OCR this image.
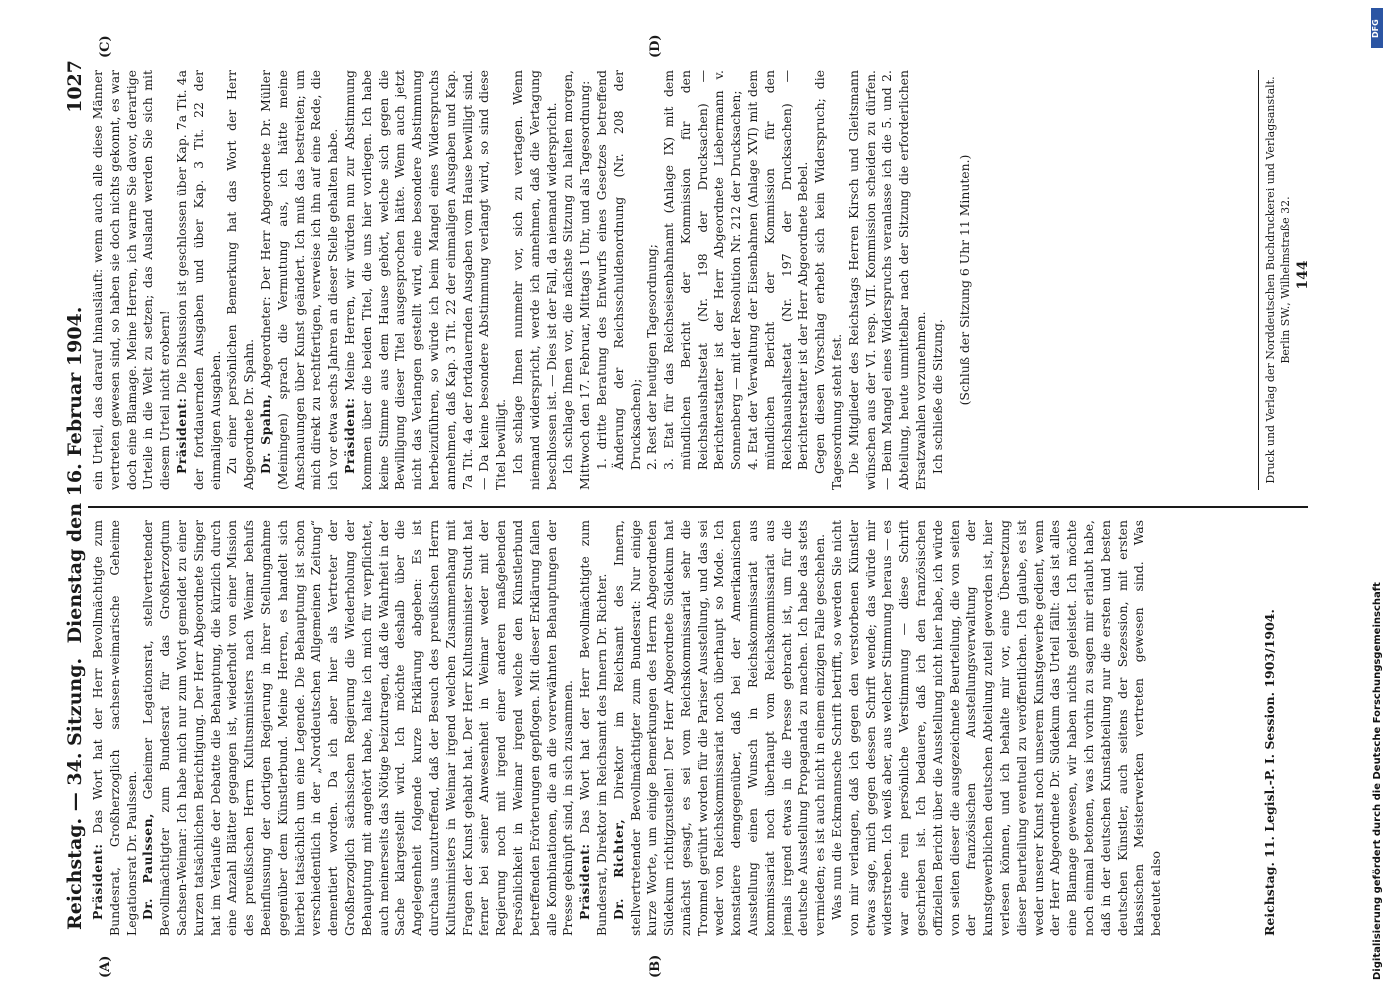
Reichstag. — 34. Sitzung.
Dienstag den 16. Februar 1904.
1027
(A)	(B)
(C)	(D)

Präsident: Das Wort hat der Herr Bevollmächtigte zum Bundesrat, Großherzoglich sachsen-weimarische Geheime Legationsrat Dr. Paulssen. Dr. Paulssen, Geheimer Legationsrat, stellvertretender Bevollmächtigter zum Bundesrat für das Großherzogtum Sachsen-Weimar: Ich habe mich nur zum Wort gemeldet zu einer kurzen tatsächlichen Berichtigung. Der Herr Abgeordnete Singer hat im Verlaufe der Debatte die Behauptung, die kürzlich durch eine Anzahl Blätter gegangen ist, wiederholt von einer Mission des preußischen Herrn Kultusministers nach Weimar behufs Beeinflussung der dortigen Regierung in ihrer Stellungnahme gegenüber dem Künstlerbund. Meine Herren, es handelt sich hierbei tatsächlich um eine Legende. Die Behauptung ist schon verschiedentlich in der „Norddeutschen Allgemeinen Zeitung“ dementiert worden. Da ich aber hier als Vertreter der Großherzoglich sächsischen Regierung die Wiederholung der Behauptung mit angehört habe, halte ich mich für verpflichtet, auch meinerseits das Nötige beizutragen, daß die Wahrheit in der Sache klargestellt wird. Ich möchte deshalb über die Angelegenheit folgende kurze Erklärung abgeben: Es ist durchaus unzutreffend, daß der Besuch des preußischen Herrn Kultusministers in Weimar irgend welchen Zusammenhang mit Fragen der Kunst gehabt hat. Der Herr Kultusminister Studt hat ferner bei seiner Anwesenheit in Weimar weder mit der Regierung noch mit irgend einer anderen maßgebenden Persönlichkeit in Weimar irgend welche den Künstlerbund betreffenden Erörterungen gepflogen. Mit dieser Erklärung fallen alle Kombinationen, die an die vorerwähnten Behauptungen der Presse geknüpft sind, in sich zusammen. Präsident: Das Wort hat der Herr Bevollmächtigte zum Bundesrat, Direktor im Reichsamt des Innern Dr. Richter. Dr. Richter, Direktor im Reichsamt des Innern, stellvertretender Bevollmächtigter zum Bundesrat: Nur einige kurze Worte, um einige Bemerkungen des Herrn Abgeordneten Südekum richtigzustellen! Der Herr Abgeordnete Südekum hat zunächst gesagt, es sei vom Reichskommissariat sehr die Trommel gerührt worden für die Pariser Ausstellung, und das sei weder von Reichskommissariat noch überhaupt so Mode. Ich konstatiere demgegenüber, daß bei der Amerikanischen Ausstellung einen Wunsch in Reichskommissariat aus kommissariat noch überhaupt vom Reichskommissariat aus jemals irgend etwas in die Presse gebracht ist, um für die deutsche Ausstellung Propaganda zu machen. Ich habe das stets vermieden; es ist auch nicht in einem einzigen Falle geschehen. Was nun die Eckmannsche Schrift betrifft, so werden Sie nicht von mir verlangen, daß ich gegen den verstorbenen Künstler etwas sage, mich gegen dessen Schrift wende; das würde mir widerstreben. Ich weiß aber, aus welcher Stimmung heraus — es war eine rein persönliche Verstimmung — diese Schrift geschrieben ist. Ich bedauere, daß ich den französischen offiziellen Bericht über die Ausstellung nicht hier habe, ich würde von seiten dieser die ausgezeichnete Beurteilung, die von seiten der französischen Ausstellungsverwaltung der kunstgewerblichen deutschen Abteilung zuteil geworden ist, hier verlesen können, und ich behalte mir vor, eine Übersetzung dieser Beurteilung eventuell zu veröffentlichen. Ich glaube, es ist weder unserer Kunst noch unserem Kunstgewerbe gedient, wenn der Herr Abgeordnete Dr. Südekum das Urteil fällt: das ist alles eine Blamage gewesen, wir haben nichts geleistet. Ich möchte noch einmal betonen, was ich vorhin zu sagen mir erlaubt habe, daß in der deutschen Kunstabteilung nur die ersten und besten deutschen Künstler, auch seitens der Sezession, mit ersten klassischen Meisterwerken vertreten gewesen sind. Was bedeutet also

ein Urteil, das darauf hinausläuft: wenn auch alle diese Männer vertreten gewesen sind, so haben sie doch nichts gekonnt, es war doch eine Blamage. Meine Herren, ich warne Sie davor, derartige Urteile in die Welt zu setzen; das Ausland werden Sie sich mit diesem Urteil nicht erobern! Präsident: Die Diskussion ist geschlossen über Kap. 7a Tit. 4a der fortdauernden Ausgaben und über Kap. 3 Tit. 22 der einmaligen Ausgaben. Zu einer persönlichen Bemerkung hat das Wort der Herr Abgeordnete Dr. Spahn. Dr. Spahn, Abgeordneter: Der Herr Abgeordnete Dr. Müller (Meiningen) sprach die Vermutung aus, ich hätte meine Anschauungen über Kunst geändert. Ich muß das bestreiten; um mich direkt zu rechtfertigen, verweise ich ihn auf eine Rede, die ich vor etwa sechs Jahren an dieser Stelle gehalten habe. Präsident: Meine Herren, wir würden nun zur Abstimmung kommen über die beiden Titel, die uns hier vorliegen. Ich habe keine Stimme aus dem Hause gehört, welche sich gegen die Bewilligung dieser Titel ausgesprochen hätte. Wenn auch jetzt nicht das Verlangen gestellt wird, eine besondere Abstimmung herbeizuführen, so würde ich beim Mangel eines Widerspruchs annehmen, daß Kap. 3 Tit. 22 der einmaligen Ausgaben und Kap. 7a Tit. 4a der fortdauernden Ausgaben vom Hause bewilligt sind. — Da keine besondere Abstimmung verlangt wird, so sind diese Titel bewilligt. Ich schlage Ihnen nunmehr vor, sich zu vertagen. Wenn niemand widerspricht, werde ich annehmen, daß die Vertagung beschlossen ist. — Dies ist der Fall, da niemand widerspricht. Ich schlage Ihnen vor, die nächste Sitzung zu halten morgen, Mittwoch den 17. Februar, Mittags 1 Uhr, und als Tagesordnung: 1. dritte Beratung des Entwurfs eines Gesetzes betreffend Änderung der Reichsschuldenordnung (Nr. 208 der Drucksachen); 2. Rest der heutigen Tagesordnung; 3. Etat für das Reichseisenbahnamt (Anlage IX) mit dem mündlichen Bericht der Kommission für den Reichshaushaltsetat (Nr. 198 der Drucksachen) — Berichterstatter ist der Herr Abgeordnete Liebermann v. Sonnenberg — mit der Resolution Nr. 212 der Drucksachen; 4. Etat der Verwaltung der Eisenbahnen (Anlage XVI) mit dem mündlichen Bericht der Kommission für den Reichshaushaltsetat (Nr. 197 der Drucksachen) — Berichterstatter ist der Herr Abgeordnete Bebel. Gegen diesen Vorschlag erhebt sich kein Widerspruch; die Tagesordnung steht fest. Die Mitglieder des Reichstags Herren Kirsch und Gleitsmann wünschen aus der VI. resp. VII. Kommission scheiden zu dürfen. — Beim Mangel eines Widerspruchs veranlasse ich die 5. und 2. Abteilung, heute unmittelbar nach der Sitzung die erforderlichen Ersatzwahlen vorzunehmen. Ich schließe die Sitzung. (Schluß der Sitzung 6 Uhr 11 Minuten.)

Reichstag. 11. Legisl.-P. I. Session. 1903/1904.
Druck und Verlag der Norddeutschen Buchdruckerei und Verlagsanstalt. Berlin SW., Wilhelmstraße 32. 144
Digitalisierung gefördert durch die Deutsche Forschungsgemeinschaft
DFG
